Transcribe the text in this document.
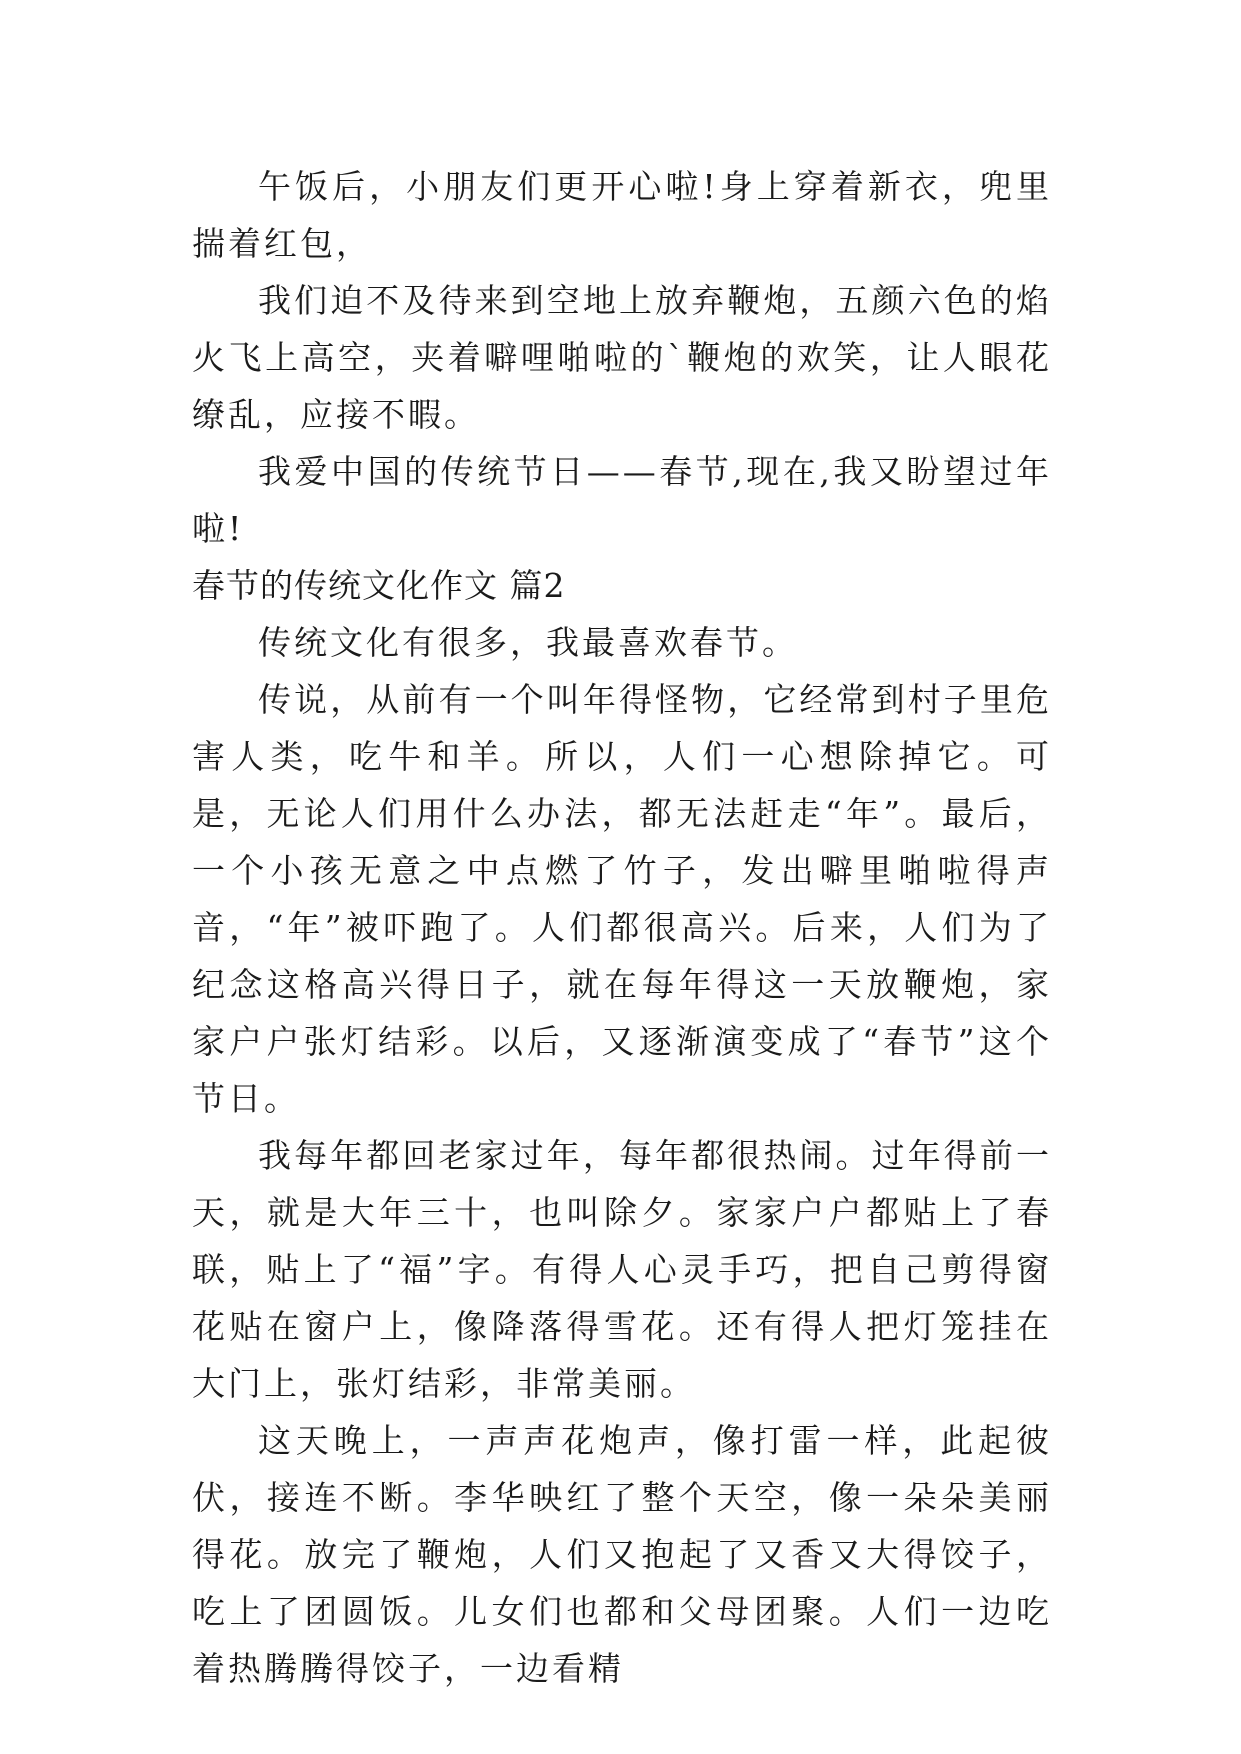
午饭后，小朋友们更开心啦!身上穿着新衣，兜里揣着红包，

我们迫不及待来到空地上放弃鞭炮，五颜六色的焰火飞上高空，夹着噼哩啪啦的`鞭炮的欢笑，让人眼花缭乱，应接不暇。

我爱中国的传统节日——春节,现在,我又盼望过年啦!

春节的传统文化作文 篇2

传统文化有很多，我最喜欢春节。

传说，从前有一个叫年得怪物，它经常到村子里危害人类，吃牛和羊。所以，人们一心想除掉它。可是，无论人们用什么办法，都无法赶走“年”。最后，一个小孩无意之中点燃了竹子，发出噼里啪啦得声音，“年”被吓跑了。人们都很高兴。后来，人们为了纪念这格高兴得日子，就在每年得这一天放鞭炮，家家户户张灯结彩。以后，又逐渐演变成了“春节”这个节日。

我每年都回老家过年，每年都很热闹。过年得前一天，就是大年三十，也叫除夕。家家户户都贴上了春联，贴上了“福”字。有得人心灵手巧，把自己剪得窗花贴在窗户上，像降落得雪花。还有得人把灯笼挂在大门上，张灯结彩，非常美丽。

这天晚上，一声声花炮声，像打雷一样，此起彼伏，接连不断。李华映红了整个天空，像一朵朵美丽得花。放完了鞭炮，人们又抱起了又香又大得饺子，吃上了团圆饭。儿女们也都和父母团聚。人们一边吃着热腾腾得饺子，一边看精
